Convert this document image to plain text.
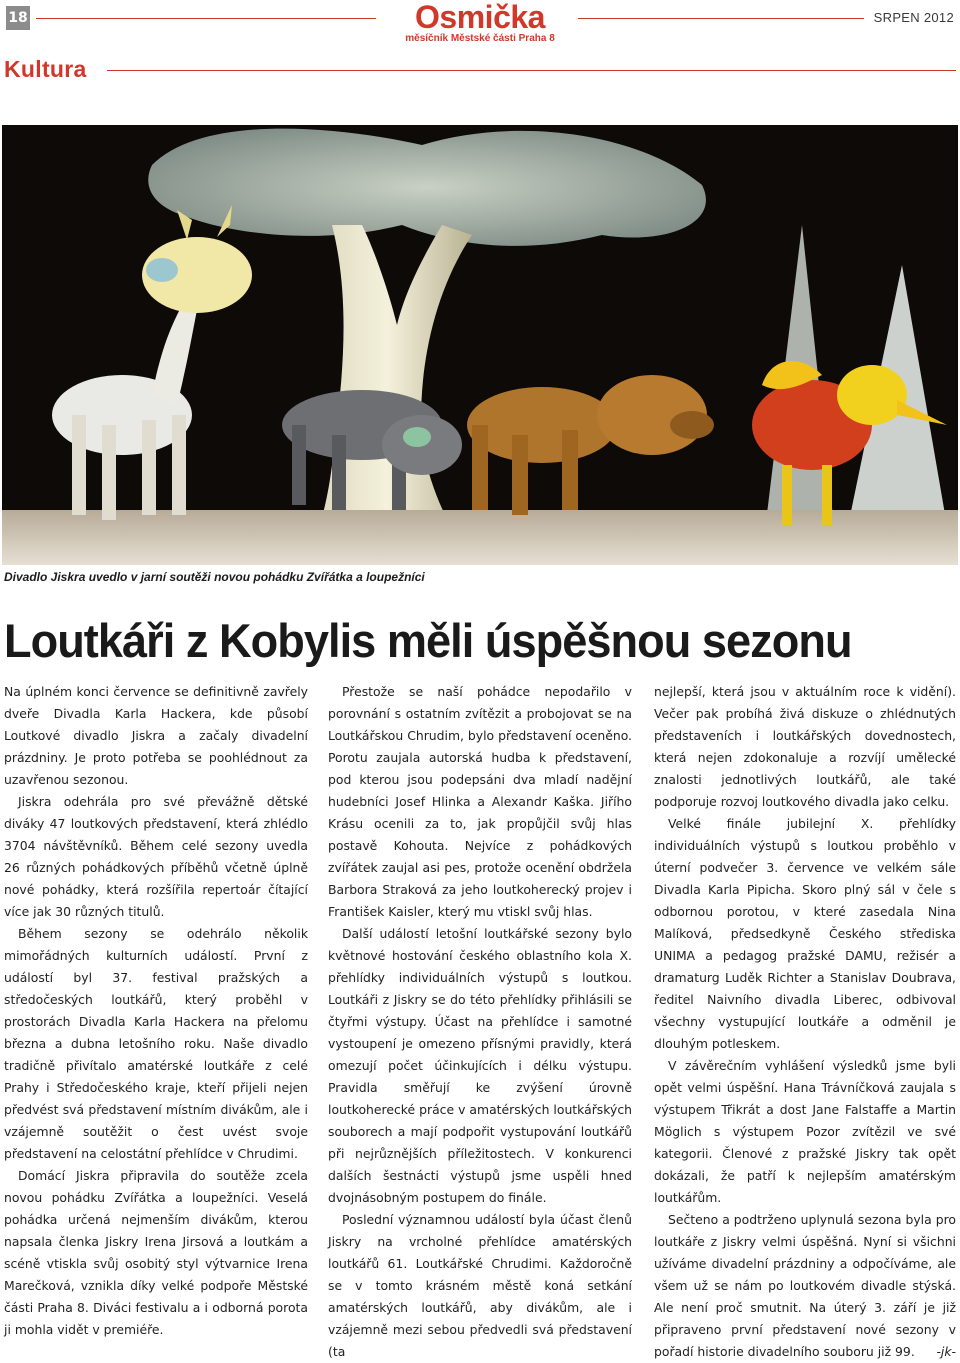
18	Osmička
měsíčník Městské části Praha 8
SRPEN 2012
Kultura
Divadlo Jiskra uvedlo v jarní soutěži novou pohádku Zvířátka a loupežníci
Loutkáři z Kobylis měli úspěšnou sezonu

Na úplném konci července se definitivně zavřely dveře Divadla Karla Hackera, kde působí Loutkové divadlo Jiskra a začaly divadelní prázdniny. Je proto potřeba se poohlédnout za uzavřenou sezonou.

Jiskra odehrála pro své převážně dětské diváky 47 loutkových představení, která zhlédlo 3704 návštěvníků. Během celé sezony uvedla 26 různých pohádkových příběhů včetně úplně nové pohádky, která rozšířila repertoár čítající více jak 30 různých titulů.

Během sezony se odehrálo několik mimořádných kulturních událostí. První z událostí byl 37. festival pražských a středočeských loutkářů, který proběhl v prostorách Divadla Karla Hackera na přelomu března a dubna letošního roku. Naše divadlo tradičně přivítalo amatérské loutkáře z celé Prahy i Středočeského kraje, kteří přijeli nejen předvést svá představení místním divákům, ale i vzájemně soutěžit o čest uvést svoje představení na celostátní přehlídce v Chrudimi.

Domácí Jiskra připravila do soutěže zcela novou pohádku Zvířátka a loupežníci. Veselá pohádka určená nejmenším divákům, kterou napsala členka Jiskry Irena Jirsová a loutkám a scéně vtiskla svůj osobitý styl výtvarnice Irena Marečková, vznikla díky velké podpoře Městské části Praha 8. Diváci festivalu a i odborná porota ji mohla vidět v premiéře.

Přestože se naší pohádce nepodařilo v porovnání s ostatním zvítězit a probojovat se na Loutkářskou Chrudim, bylo představení oceněno. Porotu zaujala autorská hudba k představení, pod kterou jsou podepsáni dva mladí nadějní hudebníci Josef Hlinka a Alexandr Kaška. Jiřího Krásu ocenili za to, jak propůjčil svůj hlas postavě Kohouta. Nejvíce z pohádkových zvířátek zaujal asi pes, protože ocenění obdržela Barbora Straková za jeho loutkoherecký projev i František Kaisler, který mu vtiskl svůj hlas.

Další událostí letošní loutkářské sezony bylo květnové hostování českého oblastního kola X. přehlídky individuálních výstupů s loutkou. Loutkáři z Jiskry se do této přehlídky přihlásili se čtyřmi výstupy. Účast na přehlídce i samotné vystoupení je omezeno přísnými pravidly, která omezují počet účinkujících i délku výstupu. Pravidla směřují ke zvýšení úrovně loutkoherecké práce v amatérských loutkářských souborech a mají podpořit vystupování loutkářů při nejrůznějších příležitostech. V konkurenci dalších šestnácti výstupů jsme uspěli hned dvojnásobným postupem do finále.

Poslední významnou událostí byla účast členů Jiskry na vrcholné přehlídce amatérských loutkářů 61. Loutkářské Chrudimi. Každoročně se v tomto krásném městě koná setkání amatérských loutkářů, aby divákům, ale i vzájemně mezi sebou předvedli svá představení (ta

nejlepší, která jsou v aktuálním roce k vidění). Večer pak probíhá živá diskuze o zhlédnutých představeních i loutkářských dovednostech, která nejen zdokonaluje a rozvíjí umělecké znalosti jednotlivých loutkářů, ale také podporuje rozvoj loutkového divadla jako celku.

Velké finále jubilejní X. přehlídky individuálních výstupů s loutkou proběhlo v úterní podvečer 3. července ve velkém sále Divadla Karla Pipicha. Skoro plný sál v čele s odbornou porotou, v které zasedala Nina Malíková, předsedkyně Českého střediska UNIMA a pedagog pražské DAMU, režisér a dramaturg Luděk Richter a Stanislav Doubrava, ředitel Naivního divadla Liberec, odbivoval všechny vystupující loutkáře a odměnil je dlouhým potleskem.

V závěrečním vyhlášení výsledků jsme byli opět velmi úspěšní. Hana Trávníčková zaujala s výstupem Třikrát a dost Jane Falstaffe a Martin Möglich s výstupem Pozor zvítězil ve své kategorii. Členové z pražské Jiskry tak opět dokázali, že patří k nejlepším amatérským loutkářům.

Sečteno a podtrženo uplynulá sezona byla pro loutkáře z Jiskry velmi úspěšná. Nyní si všichni užíváme divadelní prázdniny a odpočíváme, ale všem už se nám po loutkovém divadle stýská. Ale není proč smutnit. Na úterý 3. září je již připraveno první představení nové sezony v pořadí historie divadelního souboru již 99.	-jk-
